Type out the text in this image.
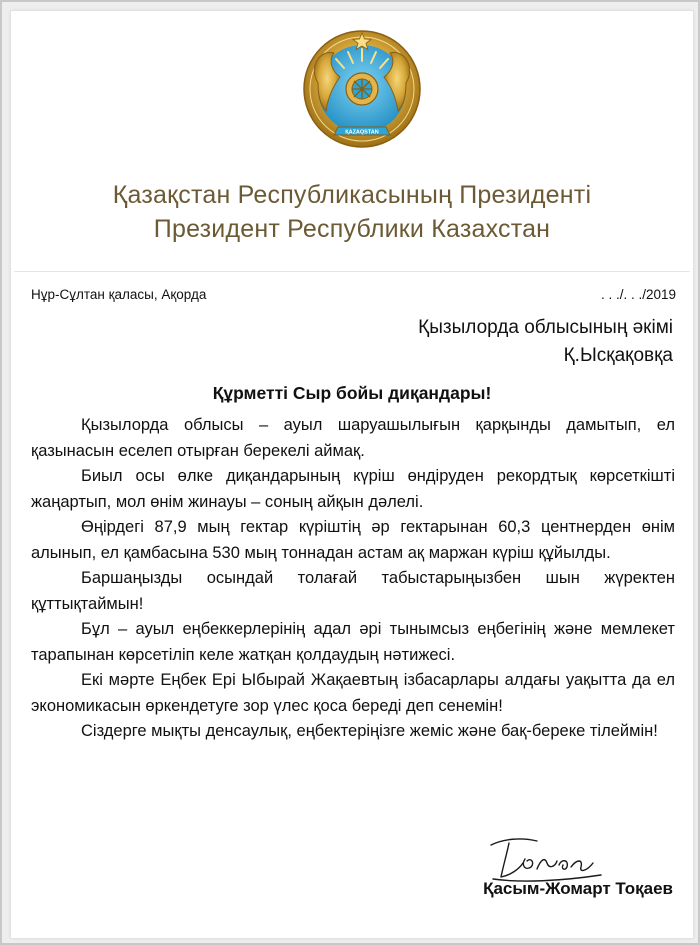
ҚАZAQSTAN
Қазақстан Республикасының Президенті
Президент Республики Казахстан
Нұр-Сұлтан қаласы, Ақорда	. . ./. . ./2019
Қызылорда облысының әкімі
Қ.Ысқақовқа
Құрметті Сыр бойы диқандары!

Қызылорда облысы – ауыл шаруашылығын қарқынды дамытып, ел қазынасын еселеп отырған берекелі аймақ.

Биыл осы өлке диқандарының күріш өндіруден рекордтық көрсеткішті жаңартып, мол өнім жинауы – соның айқын дәлелі.

Өңірдегі 87,9 мың гектар күріштің әр гектарынан 60,3 центнерден өнім алынып, ел қамбасына 530 мың тоннадан астам ақ маржан күріш құйылды.

Баршаңызды осындай толағай табыстарыңызбен шын жүректен құттықтаймын!

Бұл – ауыл еңбеккерлерінің адал әрі тынымсыз еңбегінің және мемлекет тарапынан көрсетіліп келе жатқан қолдаудың нәтижесі.

Екі мәрте Еңбек Ері Ыбырай Жақаевтың ізбасарлары алдағы уақытта да ел экономикасын өркендетуге зор үлес қоса береді деп сенемін!

Сіздерге мықты денсаулық, еңбектеріңізге жеміс және бақ-береке тілеймін!

Қасым-Жомарт Тоқаев
